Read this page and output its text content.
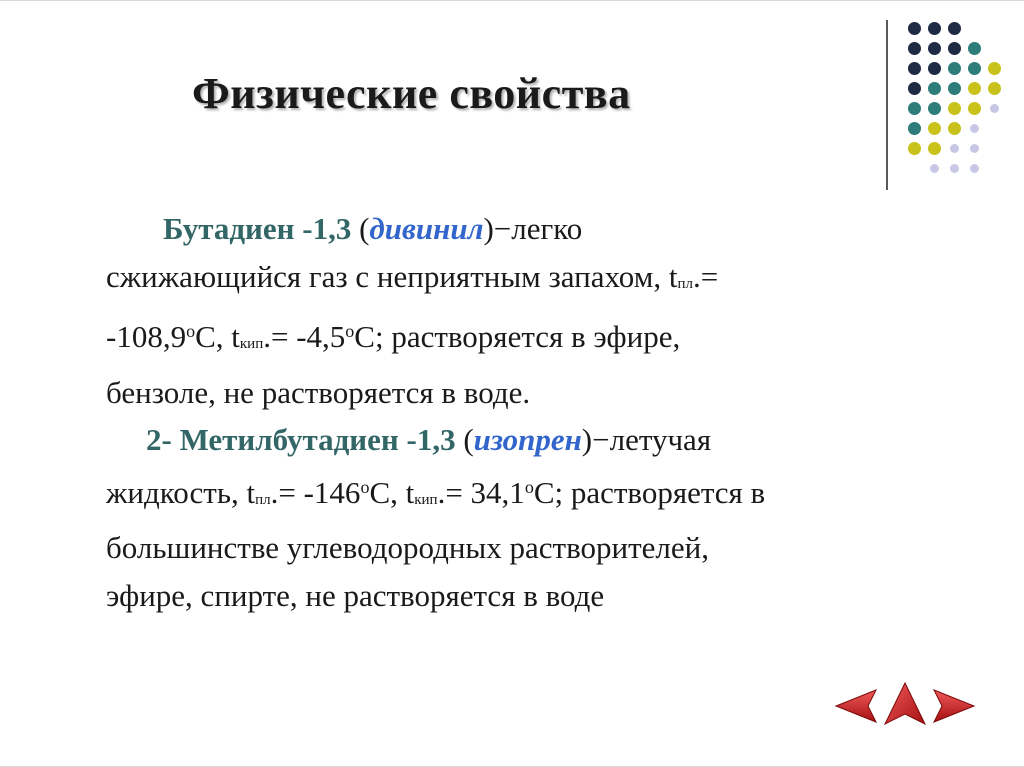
Физические свойства
Бутадиен -1,3 (дивинил)−легко
сжижающийся газ с неприятным запахом, tпл.=
$-108,9^оС$, tкип.= $-4,5^оС$; растворяется в эфире,
бензоле, не растворяется в воде.
2- Метилбутадиен -1,3 (изопрен)−летучая
жидкость, $tпл.= -146^оС$, tкип.= $34,1^оС$; растворяется в
большинстве углеводородных растворителей,
эфире, спирте, не растворяется в воде
